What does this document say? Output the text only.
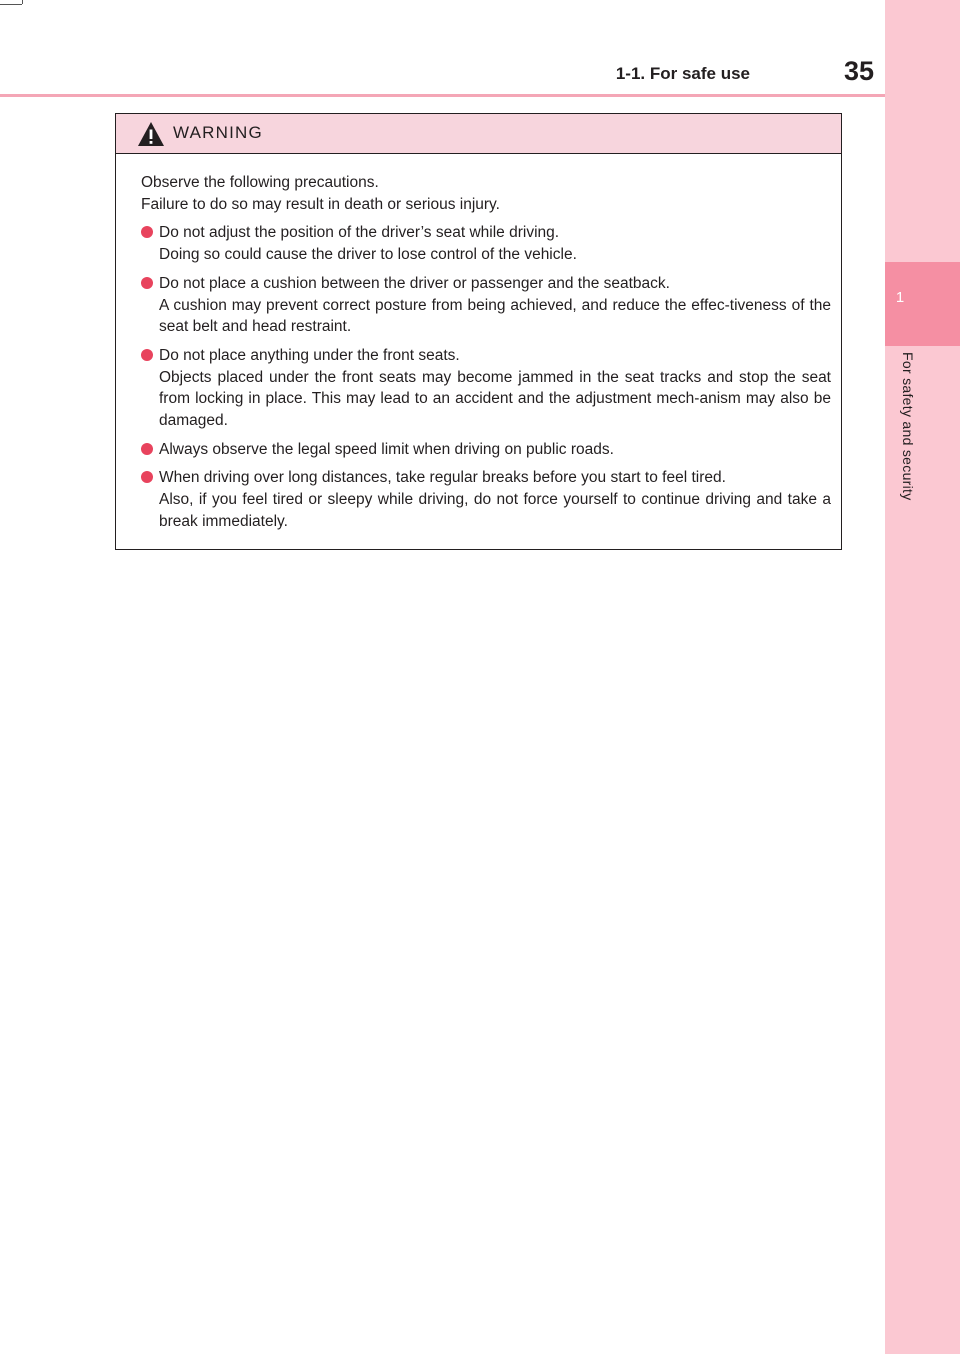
1
For safety and security
1-1. For safe use	35
WARNING

Observe the following precautions.

Failure to do so may result in death or serious injury.

Do not adjust the position of the driver’s seat while driving.

Doing so could cause the driver to lose control of the vehicle.

Do not place a cushion between the driver or passenger and the seatback.

A cushion may prevent correct posture from being achieved, and reduce the effec-tiveness of the seat belt and head restraint.

Do not place anything under the front seats.

Objects placed under the front seats may become jammed in the seat tracks and stop the seat from locking in place. This may lead to an accident and the adjustment mech-anism may also be damaged.

Always observe the legal speed limit when driving on public roads.

When driving over long distances, take regular breaks before you start to feel tired.

Also, if you feel tired or sleepy while driving, do not force yourself to continue driving and take a break immediately.
